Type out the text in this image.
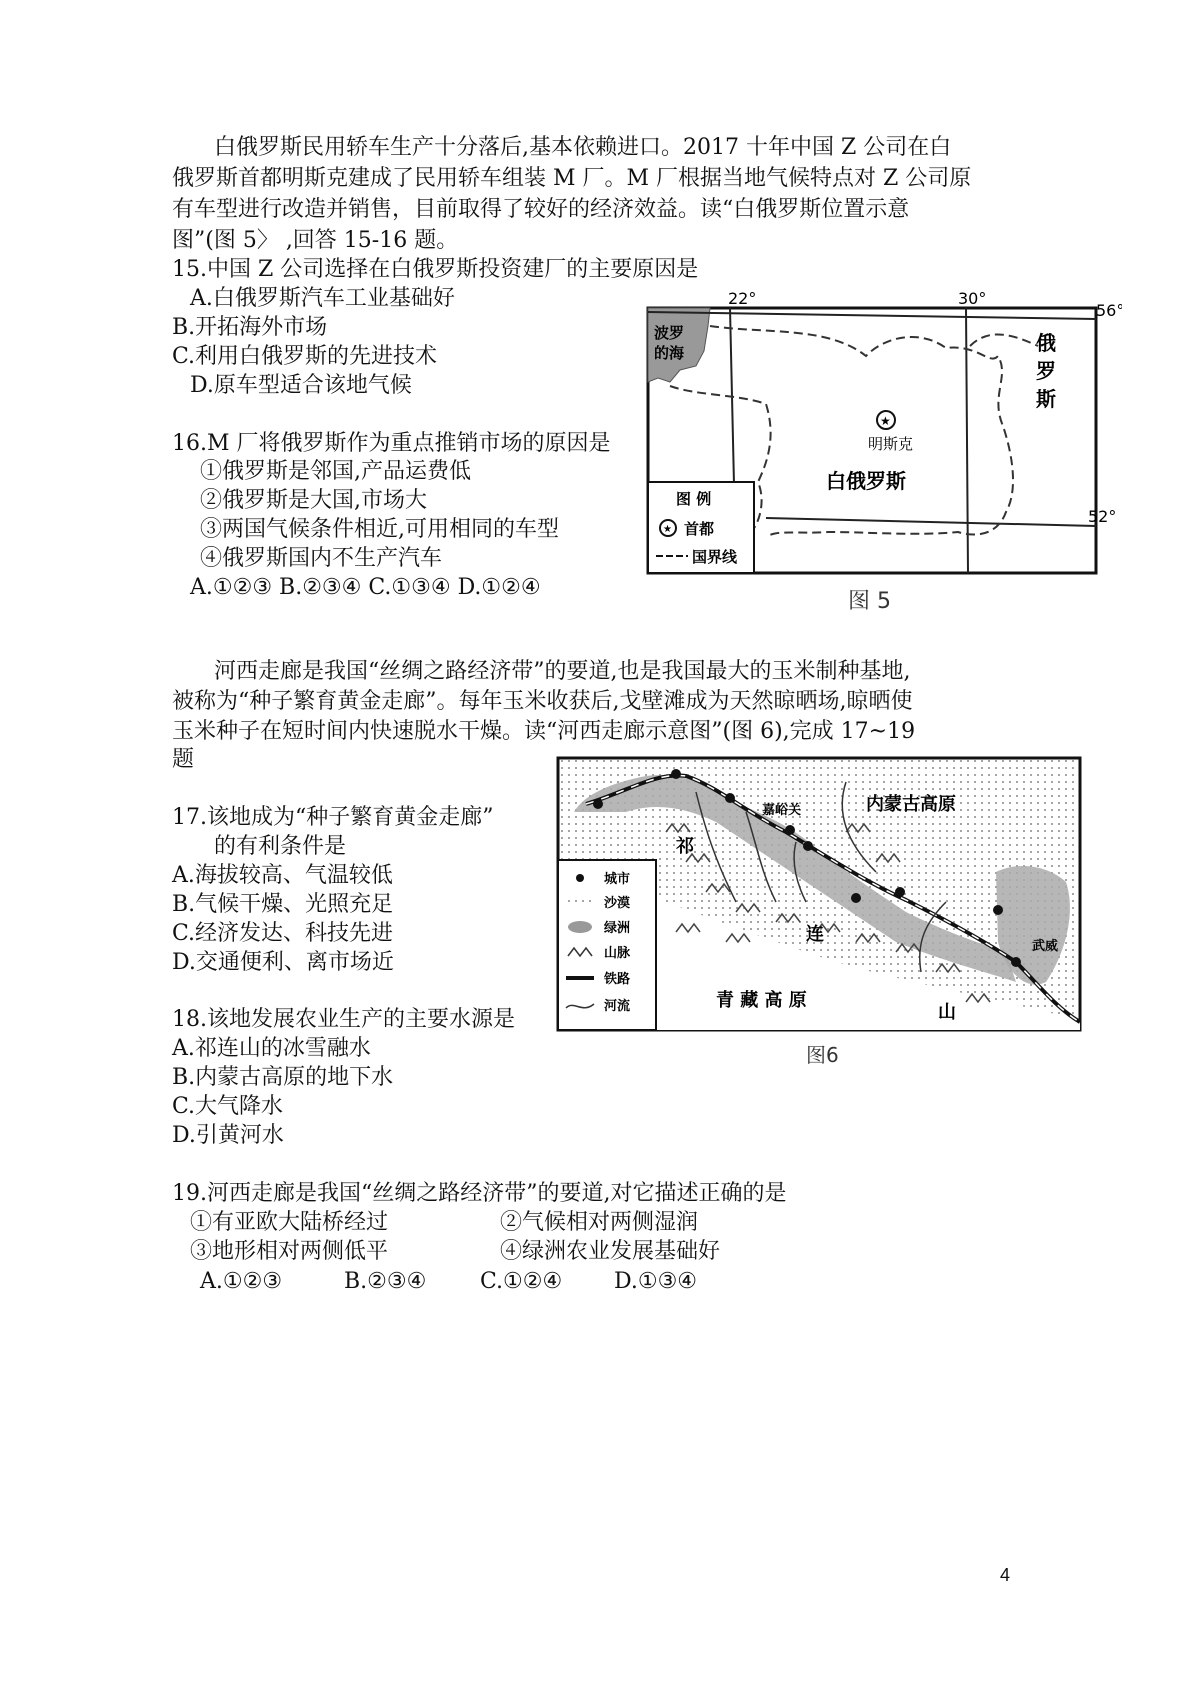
白俄罗斯民用轿车生产十分落后,基本依赖进口。2017 十年中国 Z 公司在白

俄罗斯首都明斯克建成了民用轿车组装 M 厂。M 厂根据当地气候特点对 Z 公司原

有车型进行改造并销售，目前取得了较好的经济效益。读“白俄罗斯位置示意

图”(图 5〉 ,回答 15-16 题。

15.中国 Z 公司选择在白俄罗斯投资建厂的主要原因是

A.白俄罗斯汽车工业基础好

B.开拓海外市场

C.利用白俄罗斯的先进技术

D.原车型适合该地气候

16.M 厂将俄罗斯作为重点推销市场的原因是

①俄罗斯是邻国,产品运费低

②俄罗斯是大国,市场大

③两国气候条件相近,可用相同的车型

④俄罗斯国内不生产汽车

A.①②③ B.②③④ C.①③④ D.①②④

22°	30°
56°
52°
波罗
的海	俄
罗
斯
★
明斯克
白俄罗斯
图 例
★ 首都
国界线
图 5

河西走廊是我国“丝绸之路经济带”的要道,也是我国最大的玉米制种基地,

被称为“种子繁育黄金走廊”。每年玉米收获后,戈壁滩成为天然晾晒场,晾晒使

玉米种子在短时间内快速脱水干燥。读“河西走廊示意图”(图 6),完成 17~19

题

17.该地成为“种子繁育黄金走廊”

的有利条件是

A.海拔较高、气温较低

B.气候干燥、光照充足

C.经济发达、科技先进

D.交通便利、离市场近

18.该地发展农业生产的主要水源是

A.祁连山的冰雪融水

B.内蒙古高原的地下水

C.大气降水

D.引黄河水

嘉峪关
武威
内蒙古高原
青 藏 高 原
祁
连
山
城市
沙漠
绿洲
山脉
铁路
河流
图6

19.河西走廊是我国“丝绸之路经济带”的要道,对它描述正确的是

①有亚欧大陆桥经过	②气候相对两侧湿润

③地形相对两侧低平	④绿洲农业发展基础好

A.①②③	B.②③④ C.①②④ D.①③④

4
